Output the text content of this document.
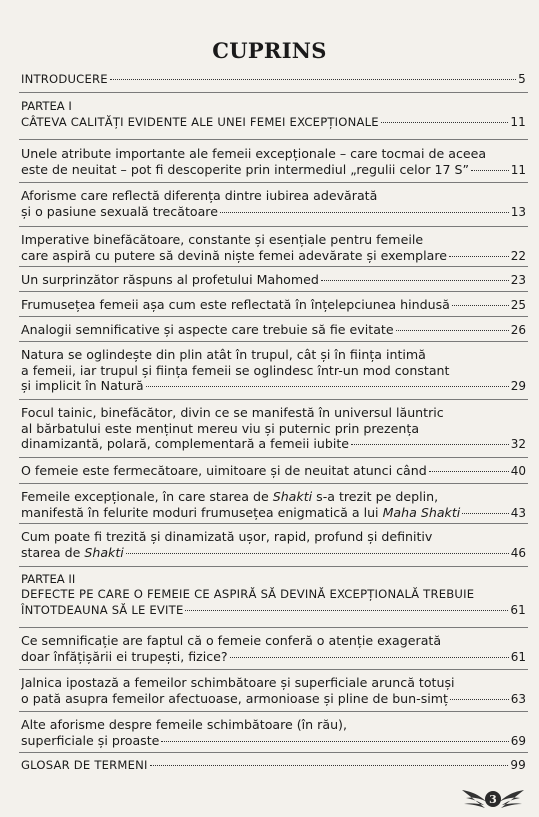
CUPRINS
INTRODUCERE	5
PARTEA I
CÂTEVA CALITĂȚI EVIDENTE ALE UNEI FEMEI EXCEPȚIONALE	11
Unele atribute importante ale femeii excepționale – care tocmai de aceea
este de neuitat – pot fi descoperite prin intermediul „regulii celor 17 S”	11
Aforisme care reflectă diferența dintre iubirea adevărată
și o pasiune sexuală trecătoare	13
Imperative binefăcătoare, constante și esențiale pentru femeile
care aspiră cu putere să devină niște femei adevărate și exemplare	22
Un surprinzător răspuns al profetului Mahomed	23
Frumusețea femeii așa cum este reflectată în înțelepciunea hindusă	25
Analogii semnificative și aspecte care trebuie să fie evitate	26
Natura se oglindește din plin atât în trupul, cât și în ființa intimă
a femeii, iar trupul și ființa femeii se oglindesc într-un mod constant
și implicit în Natură	29
Focul tainic, binefăcător, divin ce se manifestă în universul lăuntric
al bărbatului este menținut mereu viu și puternic prin prezența
dinamizantă, polară, complementară a femeii iubite	32
O femeie este fermecătoare, uimitoare și de neuitat atunci când	40
Femeile excepționale, în care starea de Shakti s-a trezit pe deplin,
manifestă în felurite moduri frumusețea enigmatică a lui Maha Shakti	43
Cum poate fi trezită și dinamizată ușor, rapid, profund și definitiv
starea de Shakti	46
PARTEA II
DEFECTE PE CARE O FEMEIE CE ASPIRĂ SĂ DEVINĂ EXCEPȚIONALĂ TREBUIE
ÎNTOTDEAUNA SĂ LE EVITE	61
Ce semnificație are faptul că o femeie conferă o atenție exagerată
doar înfățișării ei trupești, fizice?	61
Jalnica ipostază a femeilor schimbătoare și superficiale aruncă totuși
o pată asupra femeilor afectuoase, armonioase și pline de bun-simț	63
Alte aforisme despre femeile schimbătoare (în rău),
superficiale și proaste	69
GLOSAR DE TERMENI	99
3
